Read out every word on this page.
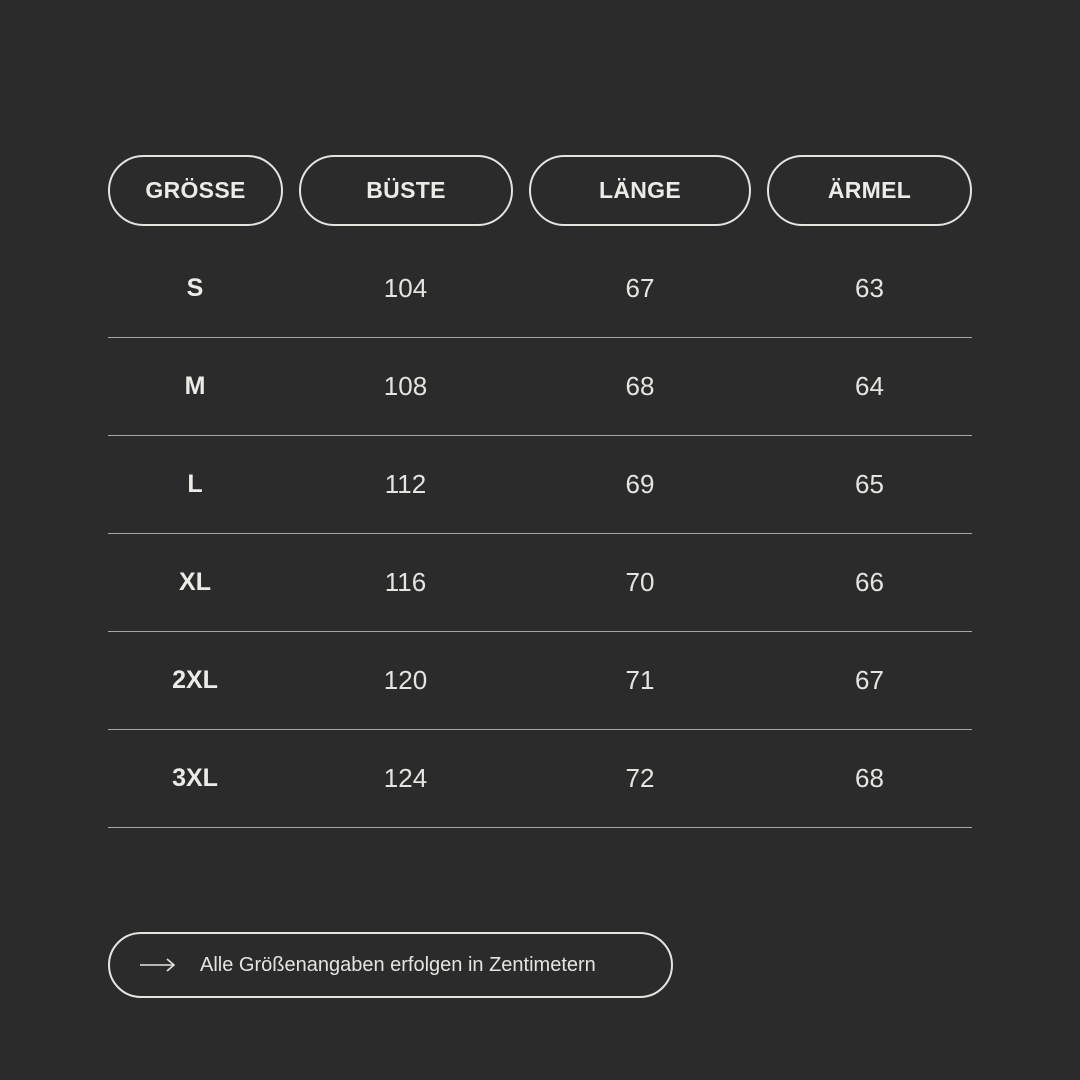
GRÖSSE	BÜSTE	LÄNGE	ÄRMEL
S	104	67	63
M	108	68	64
L	112	69	65
XL	116	70	66
2XL	120	71	67
3XL	124	72	68
Alle Größenangaben erfolgen in Zentimetern
